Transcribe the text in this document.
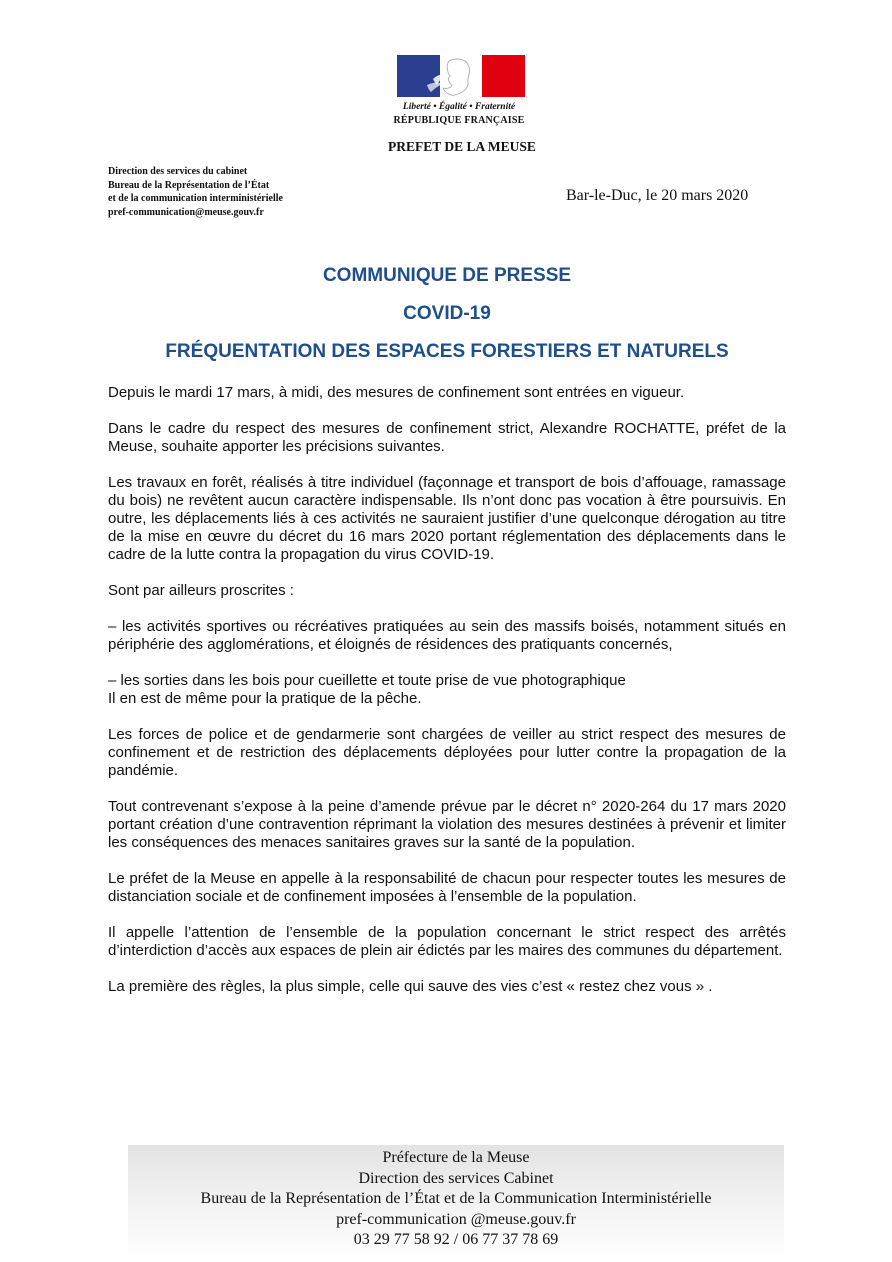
Liberté • Égalité • Fraternité
RÉPUBLIQUE FRANÇAISE
PREFET DE LA MEUSE
Direction des services du cabinet
Bureau de la Représentation de l’État
et de la communication interministérielle
pref-communication@meuse.gouv.fr
Bar-le-Duc, le 20 mars 2020
COMMUNIQUE DE PRESSE
COVID-19
FRÉQUENTATION DES ESPACES FORESTIERS ET NATURELS

Depuis le mardi 17 mars, à midi, des mesures de confinement sont entrées en vigueur.

Dans le cadre du respect des mesures de confinement strict, Alexandre ROCHATTE, préfet de la Meuse, souhaite apporter les précisions suivantes.

Les travaux en forêt, réalisés à titre individuel (façonnage et transport de bois d’affouage, ramassage du bois) ne revêtent aucun caractère indispensable. Ils n’ont donc pas vocation à être poursuivis. En outre, les déplacements liés à ces activités ne sauraient justifier d’une quelconque dérogation au titre de la mise en œuvre du décret du 16 mars 2020 portant réglementation des déplacements dans le cadre de la lutte contra la propagation du virus COVID-19.

Sont par ailleurs proscrites :

– les activités sportives ou récréatives pratiquées au sein des massifs boisés, notamment situés en périphérie des agglomérations, et éloignés de résidences des pratiquants concernés,

– les sorties dans les bois pour cueillette et toute prise de vue photographique
Il en est de même pour la pratique de la pêche.

Les forces de police et de gendarmerie sont chargées de veiller au strict respect des mesures de confinement et de restriction des déplacements déployées pour lutter contre la propagation de la pandémie.

Tout contrevenant s’expose à la peine d’amende prévue par le décret n° 2020-264 du 17 mars 2020 portant création d’une contravention réprimant la violation des mesures destinées à prévenir et limiter les conséquences des menaces sanitaires graves sur la santé de la population.

Le préfet de la Meuse en appelle à la responsabilité de chacun pour respecter toutes les mesures de distanciation sociale et de confinement imposées à l’ensemble de la population.

Il appelle l’attention de l’ensemble de la population concernant le strict respect des arrêtés d’interdiction d’accès aux espaces de plein air édictés par les maires des communes du département.

La première des règles, la plus simple, celle qui sauve des vies c’est « restez chez vous » .

Préfecture de la Meuse
Direction des services Cabinet
Bureau de la Représentation de l’État et de la Communication Interministérielle
pref-communication @meuse.gouv.fr
03 29 77 58 92 / 06 77 37 78 69
